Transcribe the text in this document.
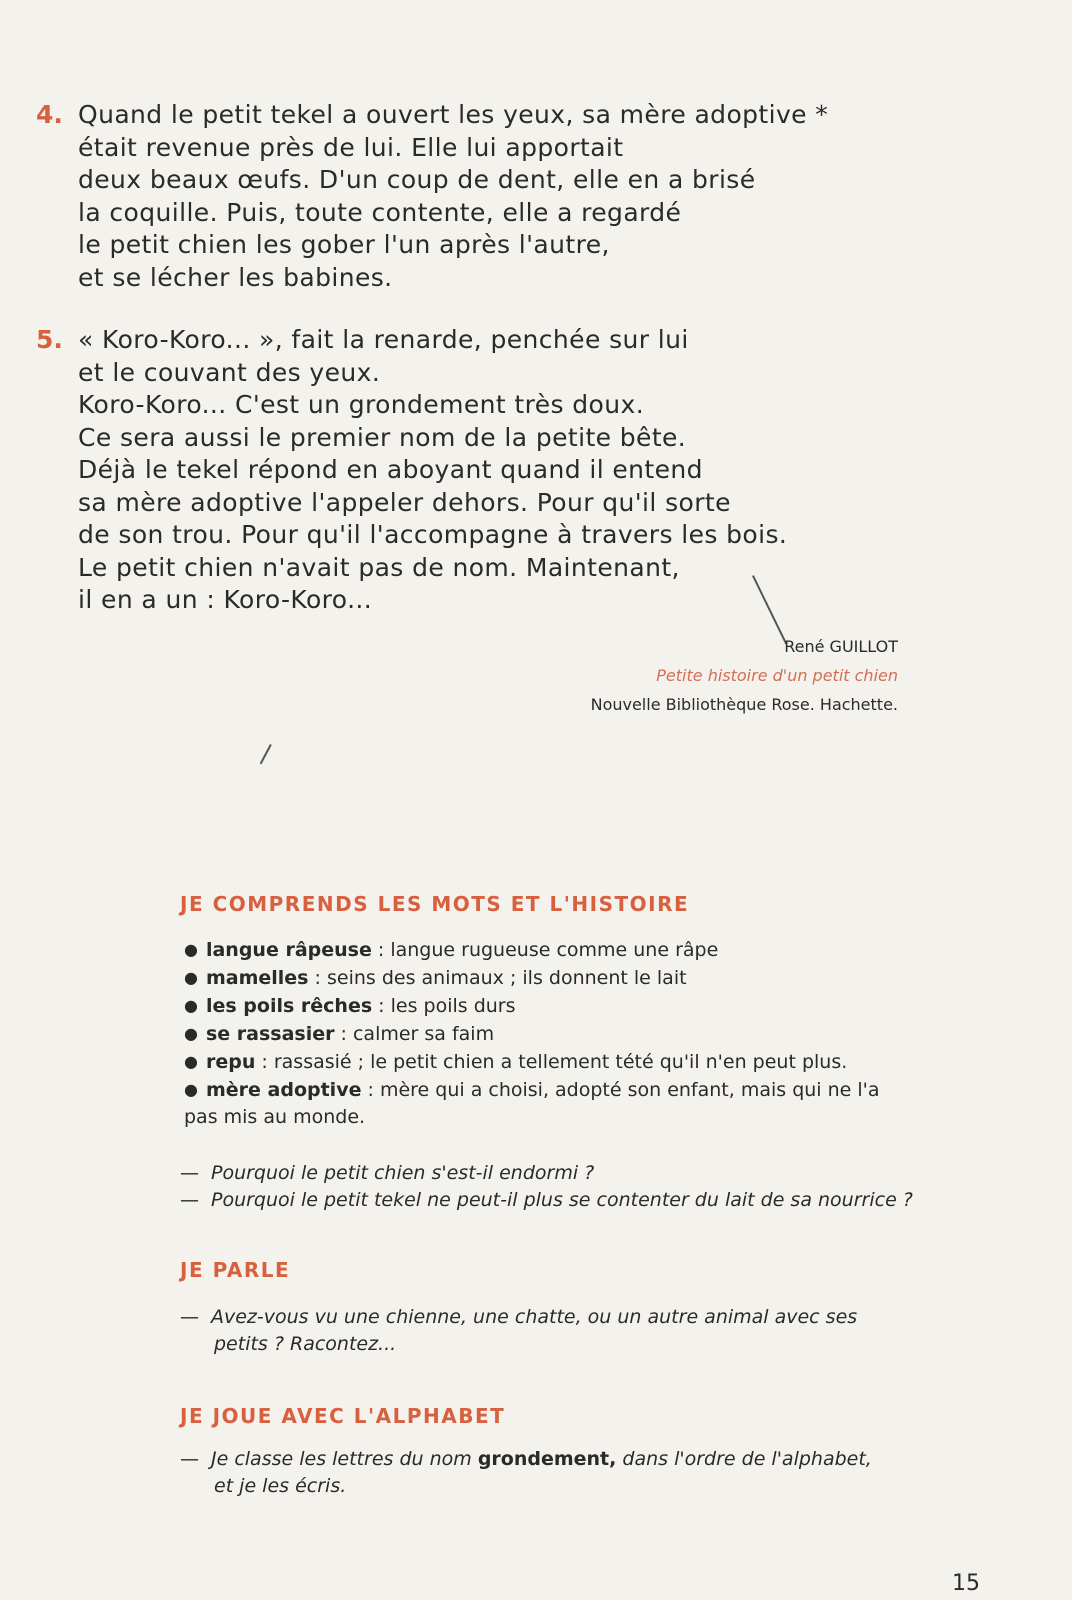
4. Quand le petit tekel a ouvert les yeux, sa mère adoptive *
était revenue près de lui. Elle lui apportait
deux beaux œufs. D'un coup de dent, elle en a brisé
la coquille. Puis, toute contente, elle a regardé
le petit chien les gober l'un après l'autre,
et se lécher les babines.
5. « Koro-Koro... », fait la renarde, penchée sur lui
et le couvant des yeux.
Koro-Koro... C'est un grondement très doux.
Ce sera aussi le premier nom de la petite bête.
Déjà le tekel répond en aboyant quand il entend
sa mère adoptive l'appeler dehors. Pour qu'il sorte
de son trou. Pour qu'il l'accompagne à travers les bois.
Le petit chien n'avait pas de nom. Maintenant,
il en a un : Koro-Koro...
René GUILLOT
Petite histoire d'un petit chien
Nouvelle Bibliothèque Rose. Hachette.
JE COMPRENDS LES MOTS ET L'HISTOIRE
● langue râpeuse : langue rugueuse comme une râpe
● mamelles : seins des animaux ; ils donnent le lait
● les poils rêches : les poils durs
● se rassasier : calmer sa faim
● repu : rassasié ; le petit chien a tellement tété qu'il n'en peut plus.
● mère adoptive : mère qui a choisi, adopté son enfant, mais qui ne l'a
pas mis au monde.
— Pourquoi le petit chien s'est-il endormi ?
— Pourquoi le petit tekel ne peut-il plus se contenter du lait de sa nourrice ?
JE PARLE
— Avez-vous vu une chienne, une chatte, ou un autre animal avec ses
petits ? Racontez...
JE JOUE AVEC L'ALPHABET
— Je classe les lettres du nom grondement, dans l'ordre de l'alphabet,
et je les écris.
15
